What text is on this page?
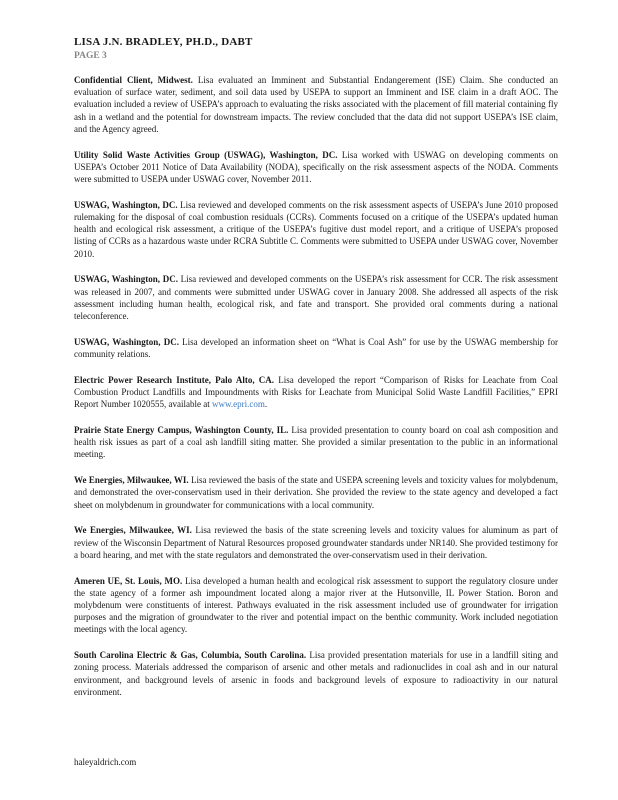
LISA J.N. BRADLEY, PH.D., DABT
PAGE 3

Confidential Client, Midwest. Lisa evaluated an Imminent and Substantial Endangerement (ISE) Claim. She conducted an evaluation of surface water, sediment, and soil data used by USEPA to support an Imminent and ISE claim in a draft AOC. The evaluation included a review of USEPA’s approach to evaluating the risks associated with the placement of fill material containing fly ash in a wetland and the potential for downstream impacts. The review concluded that the data did not support USEPA’s ISE claim, and the Agency agreed.

Utility Solid Waste Activities Group (USWAG), Washington, DC. Lisa worked with USWAG on developing comments on USEPA’s October 2011 Notice of Data Availability (NODA), specifically on the risk assessment aspects of the NODA. Comments were submitted to USEPA under USWAG cover, November 2011.

USWAG, Washington, DC. Lisa reviewed and developed comments on the risk assessment aspects of USEPA’s June 2010 proposed rulemaking for the disposal of coal combustion residuals (CCRs). Comments focused on a critique of the USEPA’s updated human health and ecological risk assessment, a critique of the USEPA’s fugitive dust model report, and a critique of USEPA’s proposed listing of CCRs as a hazardous waste under RCRA Subtitle C. Comments were submitted to USEPA under USWAG cover, November 2010.

USWAG, Washington, DC. Lisa reviewed and developed comments on the USEPA’s risk assessment for CCR. The risk assessment was released in 2007, and comments were submitted under USWAG cover in January 2008. She addressed all aspects of the risk assessment including human health, ecological risk, and fate and transport. She provided oral comments during a national teleconference.

USWAG, Washington, DC. Lisa developed an information sheet on “What is Coal Ash” for use by the USWAG membership for community relations.

Electric Power Research Institute, Palo Alto, CA. Lisa developed the report “Comparison of Risks for Leachate from Coal Combustion Product Landfills and Impoundments with Risks for Leachate from Municipal Solid Waste Landfill Facilities,” EPRI Report Number 1020555, available at www.epri.com.

Prairie State Energy Campus, Washington County, IL. Lisa provided presentation to county board on coal ash composition and health risk issues as part of a coal ash landfill siting matter. She provided a similar presentation to the public in an informational meeting.

We Energies, Milwaukee, WI. Lisa reviewed the basis of the state and USEPA screening levels and toxicity values for molybdenum, and demonstrated the over-conservatism used in their derivation. She provided the review to the state agency and developed a fact sheet on molybdenum in groundwater for communications with a local community.

We Energies, Milwaukee, WI. Lisa reviewed the basis of the state screening levels and toxicity values for aluminum as part of review of the Wisconsin Department of Natural Resources proposed groundwater standards under NR140. She provided testimony for a board hearing, and met with the state regulators and demonstrated the over-conservatism used in their derivation.

Ameren UE, St. Louis, MO. Lisa developed a human health and ecological risk assessment to support the regulatory closure under the state agency of a former ash impoundment located along a major river at the Hutsonville, IL Power Station. Boron and molybdenum were constituents of interest. Pathways evaluated in the risk assessment included use of groundwater for irrigation purposes and the migration of groundwater to the river and potential impact on the benthic community. Work included negotiation meetings with the local agency.

South Carolina Electric & Gas, Columbia, South Carolina. Lisa provided presentation materials for use in a landfill siting and zoning process. Materials addressed the comparison of arsenic and other metals and radionuclides in coal ash and in our natural environment, and background levels of arsenic in foods and background levels of exposure to radioactivity in our natural environment.

haleyaldrich.com
